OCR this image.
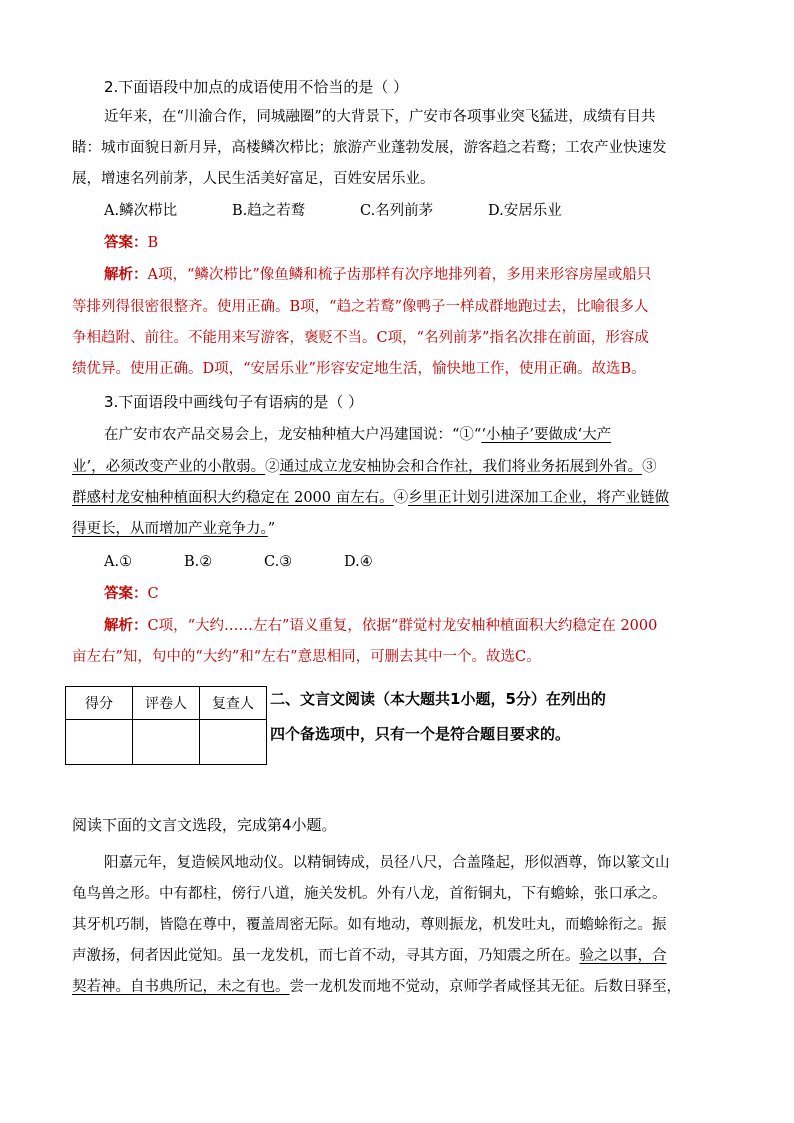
2.下面语段中加点的成语使用不恰当的是（ ）
近年来，在“川渝合作，同城融圈”的大背景下，广安市各项事业突飞猛进，成绩有目共
睹：城市面貌日新月异，高楼鳞次栉比；旅游产业蓬勃发展，游客趋之若鹜；工农产业快速发
展，增速名列前茅，人民生活美好富足，百姓安居乐业。
A.鳞次栉比	B.趋之若鹜	C.名列前茅	D.安居乐业
答案：B
解析：A项，“鳞次栉比”像鱼鳞和梳子齿那样有次序地排列着，多用来形容房屋或船只
等排列得很密很整齐。使用正确。B项，“趋之若鹜”像鸭子一样成群地跑过去，比喻很多人
争相趋附、前往。不能用来写游客，褒贬不当。C项，“名列前茅”指名次排在前面，形容成
绩优异。使用正确。D项，“安居乐业”形容安定地生活，愉快地工作，使用正确。故选B。
3.下面语段中画线句子有语病的是（ ）
在广安市农产品交易会上，龙安柚种植大户冯建国说：“①“‘小柚子’要做成‘大产
业’，必须改变产业的小散弱。②通过成立龙安柚协会和合作社，我们将业务拓展到外省。③
群感村龙安柚种植面积大约稳定在 2000 亩左右。④乡里正计划引进深加工企业，将产业链做
得更长，从而增加产业竞争力。”
A.①	B.②	C.③	D.④
答案：C
解析：C项，“大约……左右”语义重复，依据“群觉村龙安柚种植面积大约稳定在 2000
亩左右”知，句中的“大约”和“左右”意思相同，可删去其中一个。故选C。
得分	评卷人	复查人
		二、文言文阅读（本大题共1小题，5分）在列出的
四个备选项中，只有一个是符合题目要求的。
阅读下面的文言文选段，完成第4小题。
阳嘉元年，复造候风地动仪。以精铜铸成，员径八尺，合盖隆起，形似酒尊，饰以篆文山
龟鸟兽之形。中有都柱，傍行八道，施关发机。外有八龙，首衔铜丸，下有蟾蜍，张口承之。
其牙机巧制，皆隐在尊中，覆盖周密无际。如有地动，尊则振龙，机发吐丸，而蟾蜍衔之。振
声激扬，伺者因此觉知。虽一龙发机，而七首不动，寻其方面，乃知震之所在。验之以事，合
契若神。自书典所记，未之有也。尝一龙机发而地不觉动，京师学者咸怪其无征。后数日驿至，
